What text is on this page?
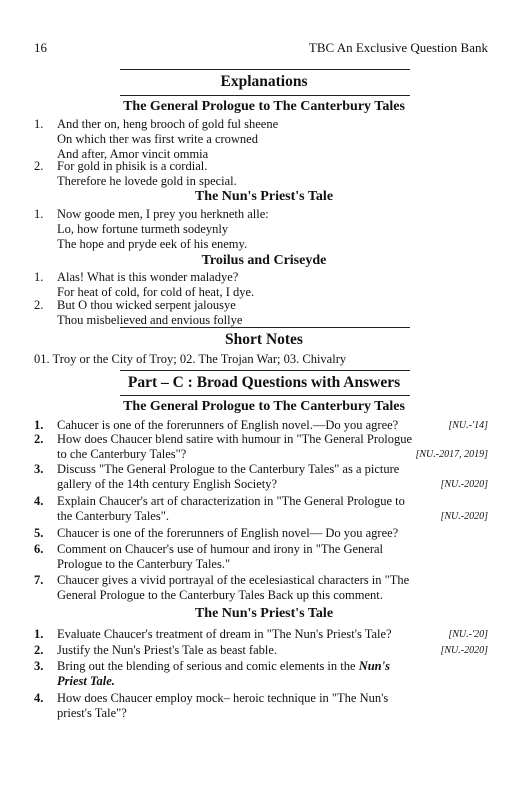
16	TBC An Exclusive Question Bank
Explanations
The General Prologue to The Canterbury Tales
1. And ther on, heng brooch of gold ful sheene
On which ther was first write a crowned
And after, Amor vincit ommia
2. For gold in phisik is a cordial.
Therefore he lovede gold in special.
The Nun's Priest's Tale
1. Now goode men, I prey you herkneth alle:
Lo, how fortune turmeth sodeynly
The hope and pryde eek of his enemy.
Troilus and Criseyde
1. Alas! What is this wonder maladye?
For heat of cold, for cold of heat, I dye.
2. But O thou wicked serpent jalousye
Thou misbelieved and envious follye
Short Notes
01. Troy or the City of Troy; 02. The Trojan War; 03. Chivalry
Part – C : Broad Questions with Answers
The General Prologue to The Canterbury Tales
1. Cahucer is one of the forerunners of English novel.—Do you agree?	[NU.-'14]
2. How does Chaucer blend satire with humour in "The General Prologue
to che Canterbury Tales"?	[NU.-2017, 2019]
3. Discuss "The General Prologue to the Canterbury Tales" as a picture
gallery of the 14th century English Society?	[NU.-2020]
4. Explain Chaucer's art of characterization in "The General Prologue to
the Canterbury Tales".	[NU.-2020]
5. Chaucer is one of the forerunners of English novel— Do you agree?
6. Comment on Chaucer's use of humour and irony in "The General
Prologue to the Canterbury Tales."
7. Chaucer gives a vivid portrayal of the ecelesiastical characters in "The
General Prologue to the Canterbury Tales Back up this comment.
The Nun's Priest's Tale
1. Evaluate Chaucer's treatment of dream in "The Nun's Priest's Tale?	[NU.-'20]
2. Justify the Nun's Priest's Tale as beast fable.	[NU.-2020]
3. Bring out the blending of serious and comic elements in the Nun's
Priest Tale.
4. How does Chaucer employ mock– heroic technique in "The Nun's
priest's Tale"?
